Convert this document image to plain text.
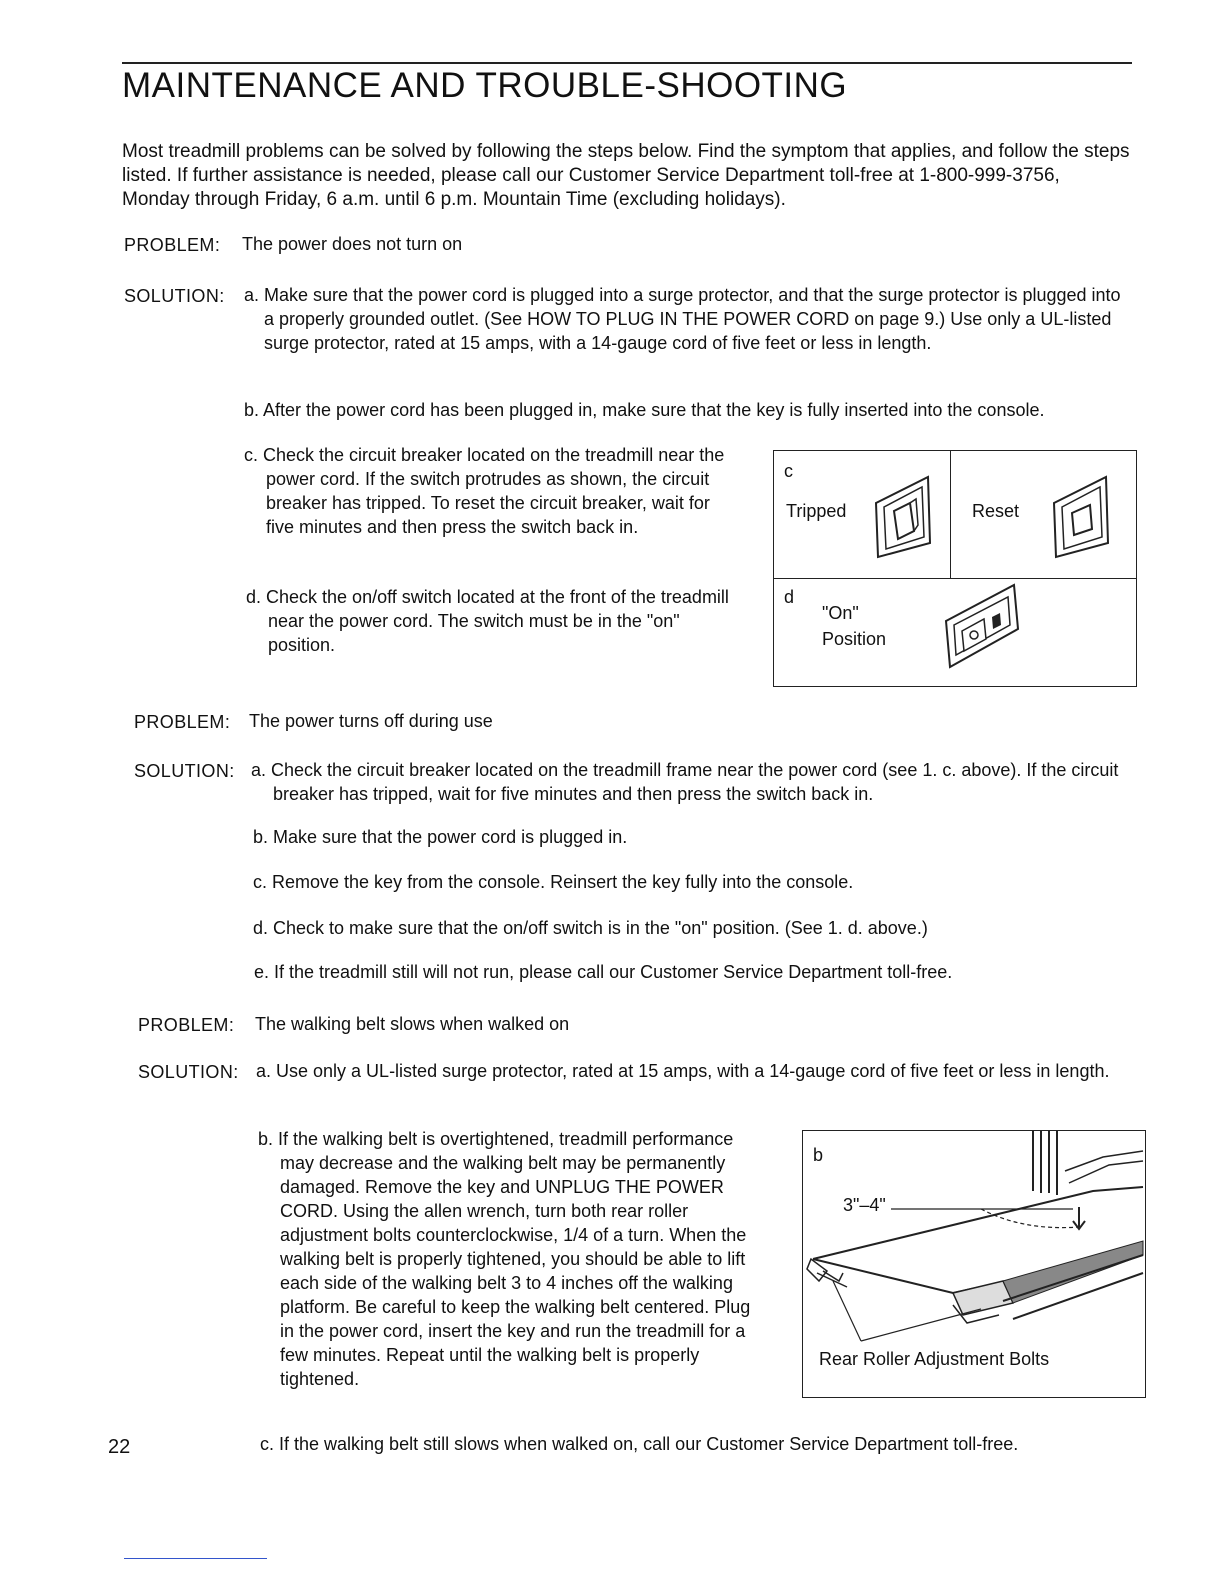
MAINTENANCE AND TROUBLE-SHOOTING

Most treadmill problems can be solved by following the steps below. Find the symptom that applies, and follow the steps listed. If further assistance is needed, please call our Customer Service Department toll-free at 1-800-999-3756, Monday through Friday, 6 a.m. until 6 p.m. Mountain Time (excluding holidays).

PROBLEM: The power does not turn on
SOLUTION: a. Make sure that the power cord is plugged into a surge protector, and that the surge protector is plugged into a properly grounded outlet. (See HOW TO PLUG IN THE POWER CORD on page 9.) Use only a UL-listed surge protector, rated at 15 amps, with a 14-gauge cord of five feet or less in length.
b. After the power cord has been plugged in, make sure that the key is fully inserted into the console.
c. Check the circuit breaker located on the treadmill near the power cord. If the switch protrudes as shown, the circuit breaker has tripped. To reset the circuit breaker, wait for five minutes and then press the switch back in.
d. Check the on/off switch located at the front of the treadmill near the power cord. The switch must be in the "on" position.
c
Tripped	Reset
d
"On"
Position
PROBLEM: The power turns off during use
SOLUTION: a. Check the circuit breaker located on the treadmill frame near the power cord (see 1. c. above). If the circuit breaker has tripped, wait for five minutes and then press the switch back in.
b. Make sure that the power cord is plugged in.
c. Remove the key from the console. Reinsert the key fully into the console.
d. Check to make sure that the on/off switch is in the "on" position. (See 1. d. above.)
e. If the treadmill still will not run, please call our Customer Service Department toll-free.
PROBLEM: The walking belt slows when walked on
SOLUTION: a. Use only a UL-listed surge protector, rated at 15 amps, with a 14-gauge cord of five feet or less in length.
b. If the walking belt is overtightened, treadmill performance may decrease and the walking belt may be permanently damaged. Remove the key and UNPLUG THE POWER CORD. Using the allen wrench, turn both rear roller adjustment bolts counterclockwise, 1/4 of a turn. When the walking belt is properly tightened, you should be able to lift each side of the walking belt 3 to 4 inches off the walking platform. Be careful to keep the walking belt centered. Plug in the power cord, insert the key and run the treadmill for a few minutes. Repeat until the walking belt is properly tightened.
c. If the walking belt still slows when walked on, call our Customer Service Department toll-free.
b
3"–4"
Rear Roller Adjustment Bolts
22
